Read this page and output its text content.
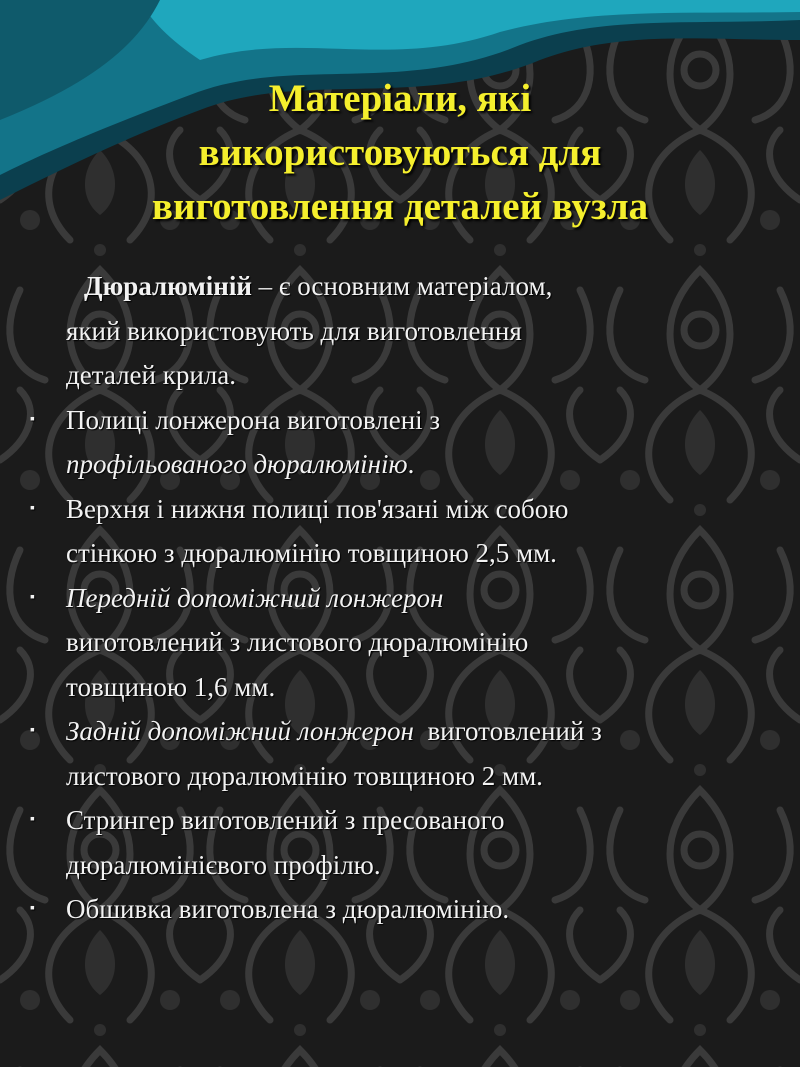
Матеріали, які
використовуються для
виготовлення деталей вузла

Дюралюміній – є основним матеріалом,
який використовують для виготовлення
деталей крила.

▪	Полиці лонжерона виготовлені з
профільованого дюралюмінію.

▪	Верхня і нижня полиці пов'язані між собою
стінкою з дюралюмінію товщиною 2,5 мм.

▪	Передній допоміжний лонжерон
виготовлений з листового дюралюмінію
товщиною 1,6 мм.

▪	Задній допоміжний лонжерон  виготовлений з
листового дюралюмінію товщиною 2 мм.

▪	Стрингер виготовлений з пресованого
дюралюмінієвого профілю.

▪	Обшивка виготовлена з дюралюмінію.
